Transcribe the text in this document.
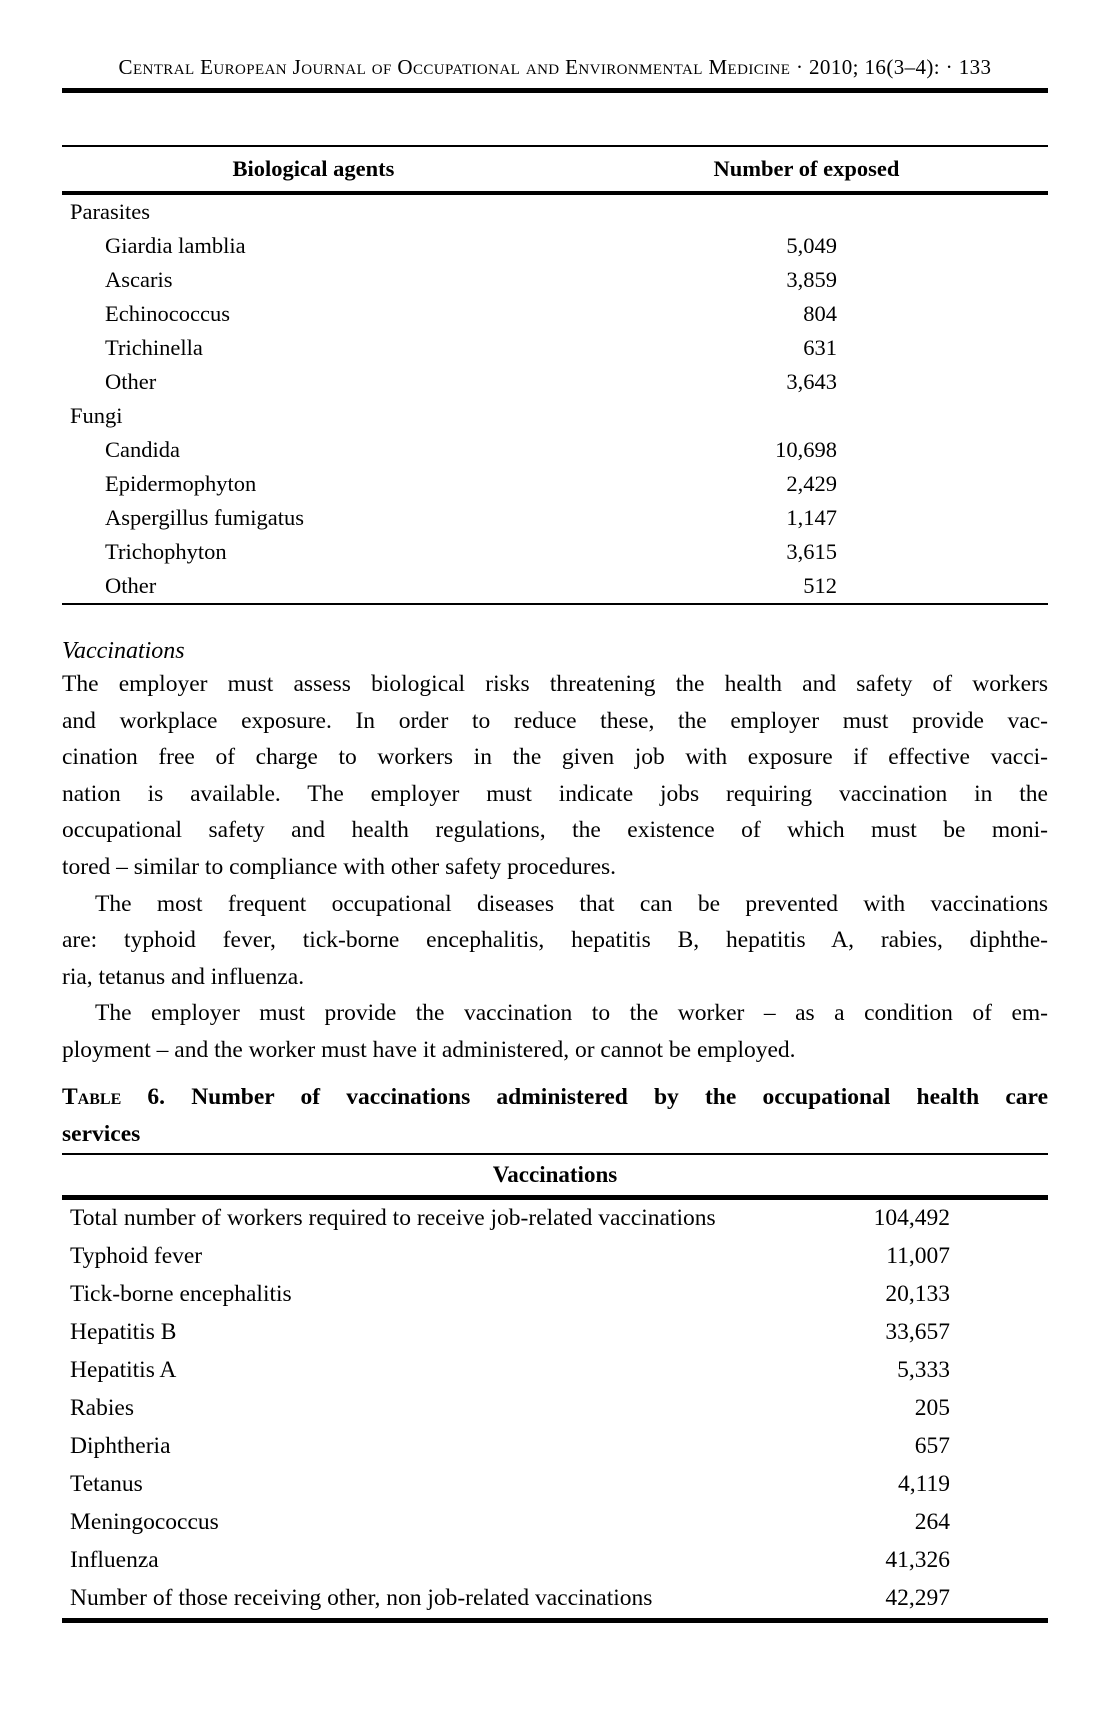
Central European Journal of Occupational and Environmental Medicine · 2010; 16(3–4): · 133
Biological agents	Number of exposed
Parasites
Giardia lamblia	5,049
Ascaris	3,859
Echinococcus	804
Trichinella	631
Other	3,643
Fungi
Candida	10,698
Epidermophyton	2,429
Aspergillus fumigatus	1,147
Trichophyton	3,615
Other	512
Vaccinations
The employer must assess biological risks threatening the health and safety of workers
and workplace exposure. In order to reduce these, the employer must provide vac-
cination free of charge to workers in the given job with exposure if effective vacci-
nation is available. The employer must indicate jobs requiring vaccination in the
occupational safety and health regulations, the existence of which must be moni-
tored – similar to compliance with other safety procedures.
The most frequent occupational diseases that can be prevented with vaccinations
are: typhoid fever, tick-borne encephalitis, hepatitis B, hepatitis A, rabies, diphthe-
ria, tetanus and influenza.
The employer must provide the vaccination to the worker – as a condition of em-
ployment – and the worker must have it administered, or cannot be employed.
Table 6. Number of vaccinations administered by the occupational health care
services
Vaccinations
Total number of workers required to receive job-related vaccinations	104,492
Typhoid fever	11,007
Tick-borne encephalitis	20,133
Hepatitis B	33,657
Hepatitis A	5,333
Rabies	205
Diphtheria	657
Tetanus	4,119
Meningococcus	264
Influenza	41,326
Number of those receiving other, non job-related vaccinations	42,297
